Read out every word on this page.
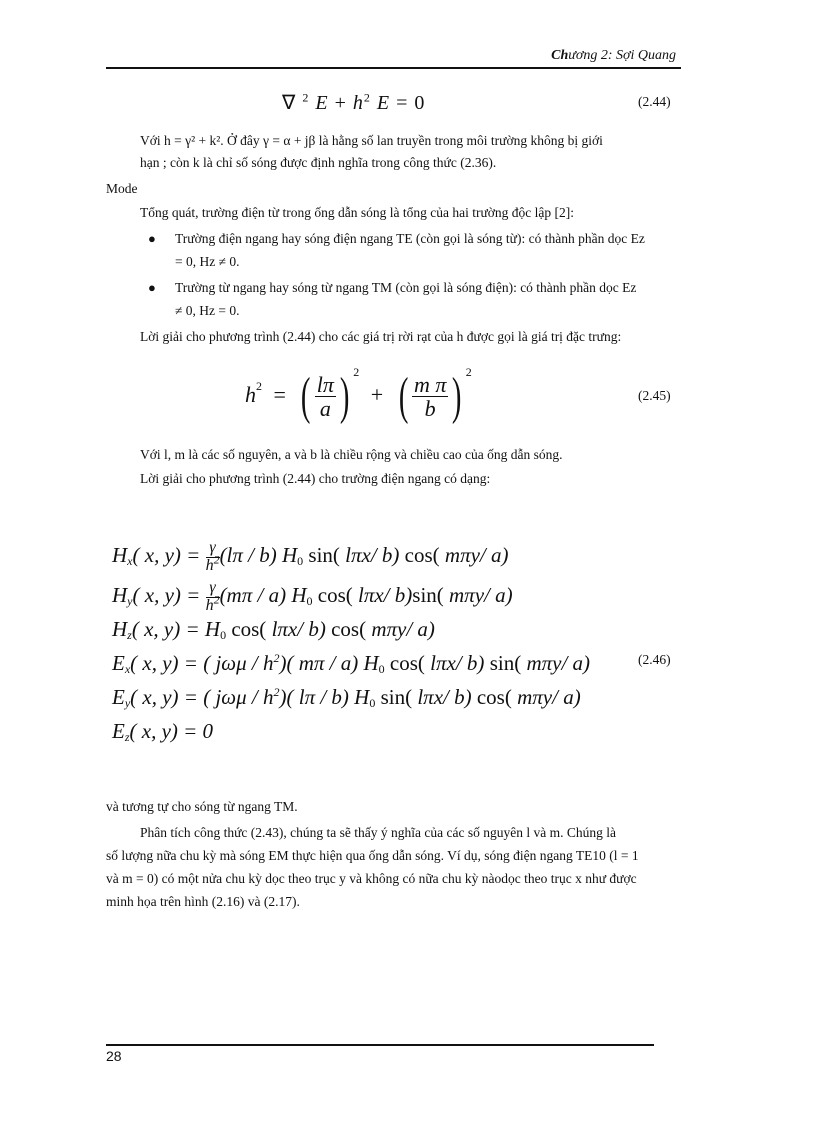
Chương 2: Sợi Quang
∇ $^2$ $E + h^2$ E = 0	(2.44)
Với h = γ² + k². Ở đây γ = α + jβ là hằng số lan truyền trong môi trường không bị giới
hạn ; còn k là chỉ số sóng được định nghĩa trong công thức (2.36).
Mode
Tổng quát, trường điện từ trong ống dẫn sóng là tổng của hai trường độc lập [2]:
● Trường điện ngang hay sóng điện ngang TE (còn gọi là sóng từ): có thành phần dọc Ez
= 0, Hz ≠ 0.
● Trường từ ngang hay sóng từ ngang TM (còn gọi là sóng điện): có thành phần dọc Ez
≠ 0, Hz = 0.
Lời giải cho phương trình (2.44) cho các giá trị rời rạt của h được gọi là giá trị đặc trưng:
$h^2$ = ( $\frac{l\pi}{a}$ ) $^2$ + ( $\frac{\text{m π}}{b}$ ) $^2$
(2.45)
Với l, m là các số nguyên, a và b là chiều rộng và chiều cao của ống dẫn sóng.
Lời giải cho phương trình (2.44) cho trường điện ngang có dạng:
$H_x$( x, $y) = \frac{\gamma}{h^2} (l\pi / b)$ $H_0$ sin( lπx/ b) cos( mπy/ a)
$H_y$( x, $y) = \frac{\gamma}{h^2} (m\pi / a)$ $H_0$ cos( lπx/ b)sin( mπy/ a)
$H_z$( x, $y) = H_0$ cos( lπx/ b) cos( mπy/ a)
$E_x$( x, y) = ( jωμ / $h^2$)( mπ / a) $H_0$ cos( lπx/ b) sin( mπy/ a)
$E_y$( x, y) = ( jωμ / $h^2$)( lπ / b) $H_0$ sin( lπx/ b) cos( mπy/ a)
$E_z$( x, y) = 0
(2.46)
và tương tự cho sóng từ ngang TM.
Phân tích công thức (2.43), chúng ta sẽ thấy ý nghĩa của các số nguyên l và m. Chúng là
số lượng nữa chu kỳ mà sóng EM thực hiện qua ống dẫn sóng. Ví dụ, sóng điện ngang TE10 (l = 1
và m = 0) có một nửa chu kỳ dọc theo trục y và không có nữa chu kỳ nàodọc theo trục x như được
minh họa trên hình (2.16) và (2.17).
28
